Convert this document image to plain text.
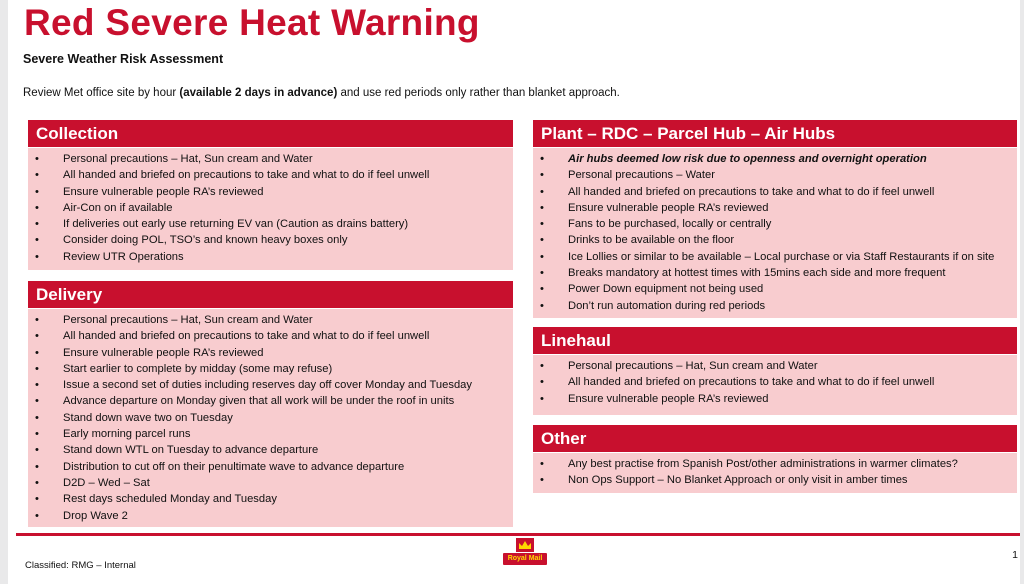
Red Severe Heat Warning
Severe Weather Risk Assessment
Review Met office site by hour (available 2 days in advance) and use red periods only rather than blanket approach.
Collection
• Personal precautions – Hat, Sun cream and Water
• All handed and briefed on precautions to take and what to do if feel unwell
• Ensure vulnerable people RA’s reviewed
• Air-Con on if available
• If deliveries out early use returning EV van (Caution as drains battery)
• Consider doing POL, TSO’s and known heavy boxes only
• Review UTR Operations
Delivery
• Personal precautions – Hat, Sun cream and Water
• All handed and briefed on precautions to take and what to do if feel unwell
• Ensure vulnerable people RA’s reviewed
• Start earlier to complete by midday (some may refuse)
• Issue a second set of duties including reserves day off cover Monday and Tuesday
• Advance departure on Monday given that all work will be under the roof in units
• Stand down wave two on Tuesday
• Early morning parcel runs
• Stand down WTL on Tuesday to advance departure
• Distribution to cut off on their penultimate wave to advance departure
• D2D – Wed – Sat
• Rest days scheduled Monday and Tuesday
• Drop Wave 2
Plant – RDC – Parcel Hub – Air Hubs
• Air hubs deemed low risk due to openness and overnight operation
• Personal precautions – Water
• All handed and briefed on precautions to take and what to do if feel unwell
• Ensure vulnerable people RA’s reviewed
• Fans to be purchased, locally or centrally
• Drinks to be available on the floor
• Ice Lollies or similar to be available – Local purchase or via Staff Restaurants if on site
• Breaks mandatory at hottest times with 15mins each side and more frequent
• Power Down equipment not being used
• Don’t run automation during red periods
Linehaul
• Personal precautions – Hat, Sun cream and Water
• All handed and briefed on precautions to take and what to do if feel unwell
• Ensure vulnerable people RA’s reviewed
Other
• Any best practise from Spanish Post/other administrations in warmer climates?
• Non Ops Support – No Blanket Approach or only visit in amber times
Classified: RMG – Internal
Royal Mail	1
